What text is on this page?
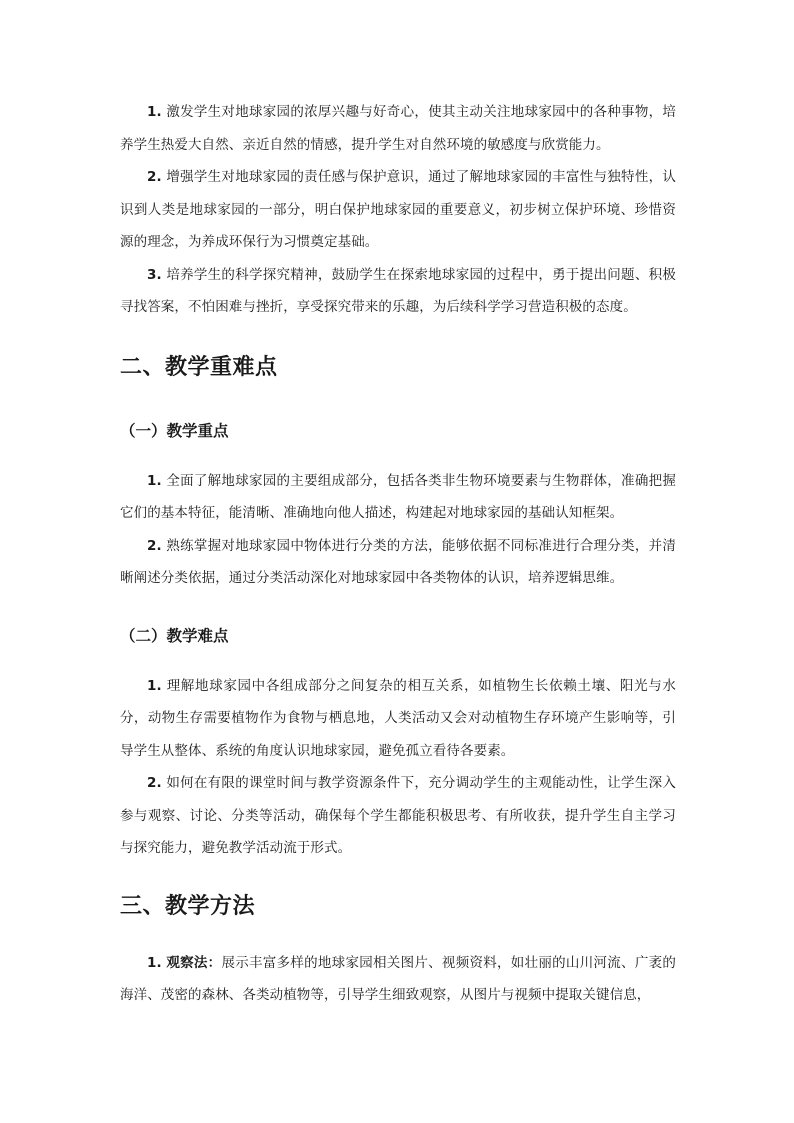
1. 激发学生对地球家园的浓厚兴趣与好奇心，使其主动关注地球家园中的各种事物，培养学生热爱大自然、亲近自然的情感，提升学生对自然环境的敏感度与欣赏能力。

2. 增强学生对地球家园的责任感与保护意识，通过了解地球家园的丰富性与独特性，认识到人类是地球家园的一部分，明白保护地球家园的重要意义，初步树立保护环境、珍惜资源的理念，为养成环保行为习惯奠定基础。

3. 培养学生的科学探究精神，鼓励学生在探索地球家园的过程中，勇于提出问题、积极寻找答案，不怕困难与挫折，享受探究带来的乐趣，为后续科学学习营造积极的态度。

二、教学重难点
（一）教学重点

1. 全面了解地球家园的主要组成部分，包括各类非生物环境要素与生物群体，准确把握它们的基本特征，能清晰、准确地向他人描述，构建起对地球家园的基础认知框架。

2. 熟练掌握对地球家园中物体进行分类的方法，能够依据不同标准进行合理分类，并清晰阐述分类依据，通过分类活动深化对地球家园中各类物体的认识，培养逻辑思维。

（二）教学难点

1. 理解地球家园中各组成部分之间复杂的相互关系，如植物生长依赖土壤、阳光与水分，动物生存需要植物作为食物与栖息地，人类活动又会对动植物生存环境产生影响等，引导学生从整体、系统的角度认识地球家园，避免孤立看待各要素。

2. 如何在有限的课堂时间与教学资源条件下，充分调动学生的主观能动性，让学生深入参与观察、讨论、分类等活动，确保每个学生都能积极思考、有所收获，提升学生自主学习与探究能力，避免教学活动流于形式。

三、教学方法

1. 观察法：展示丰富多样的地球家园相关图片、视频资料，如壮丽的山川河流、广袤的海洋、茂密的森林、各类动植物等，引导学生细致观察，从图片与视频中提取关键信息，
